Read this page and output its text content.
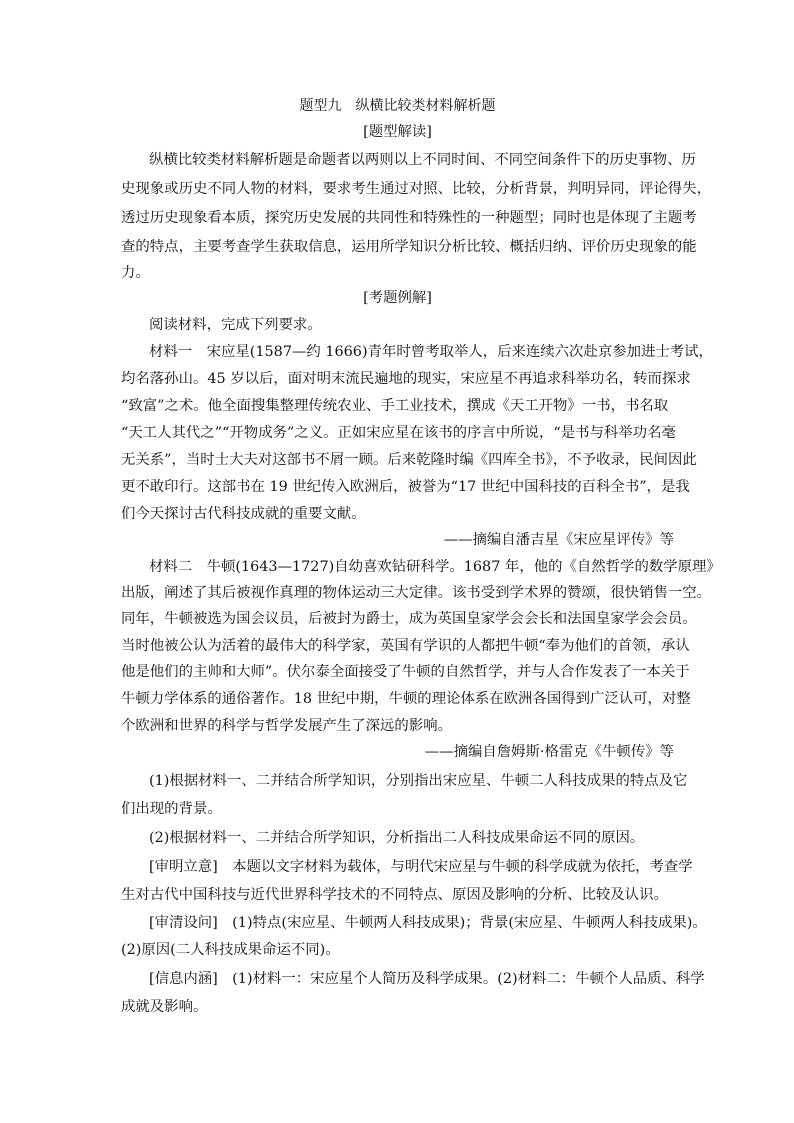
题型九　纵横比较类材料解析题
[题型解读]
纵横比较类材料解析题是命题者以两则以上不同时间、不同空间条件下的历史事物、历
史现象或历史不同人物的材料，要求考生通过对照、比较，分析背景，判明异同，评论得失，
透过历史现象看本质，探究历史发展的共同性和特殊性的一种题型；同时也是体现了主题考
查的特点，主要考查学生获取信息，运用所学知识分析比较、概括归纳、评价历史现象的能
力。
[考题例解]
阅读材料，完成下列要求。
材料一　宋应星(1587—约 1666)青年时曾考取举人，后来连续六次赴京参加进士考试，
均名落孙山。45 岁以后，面对明末流民遍地的现实，宋应星不再追求科举功名，转而探求
“致富”之术。他全面搜集整理传统农业、手工业技术，撰成《天工开物》一书，书名取
“天工人其代之”“开物成务”之义。正如宋应星在该书的序言中所说，“是书与科举功名毫
无关系”，当时士大夫对这部书不屑一顾。后来乾隆时编《四库全书》，不予收录，民间因此
更不敢印行。这部书在 19 世纪传入欧洲后，被誉为“17 世纪中国科技的百科全书”，是我
们今天探讨古代科技成就的重要文献。
——摘编自潘吉星《宋应星评传》等
材料二　牛顿(1643—1727)自幼喜欢钻研科学。1687 年，他的《自然哲学的数学原理》
出版，阐述了其后被视作真理的物体运动三大定律。该书受到学术界的赞颂，很快销售一空。
同年，牛顿被选为国会议员，后被封为爵士，成为英国皇家学会会长和法国皇家学会会员。
当时他被公认为活着的最伟大的科学家，英国有学识的人都把牛顿“奉为他们的首领，承认
他是他们的主帅和大师”。伏尔泰全面接受了牛顿的自然哲学，并与人合作发表了一本关于
牛顿力学体系的通俗著作。18 世纪中期，牛顿的理论体系在欧洲各国得到广泛认可，对整
个欧洲和世界的科学与哲学发展产生了深远的影响。
——摘编自詹姆斯·格雷克《牛顿传》等
(1)根据材料一、二并结合所学知识，分别指出宋应星、牛顿二人科技成果的特点及它
们出现的背景。
(2)根据材料一、二并结合所学知识，分析指出二人科技成果命运不同的原因。
[审明立意]　本题以文字材料为载体，与明代宋应星与牛顿的科学成就为依托，考查学
生对古代中国科技与近代世界科学技术的不同特点、原因及影响的分析、比较及认识。
[审清设问]　(1)特点(宋应星、牛顿两人科技成果)；背景(宋应星、牛顿两人科技成果)。
(2)原因(二人科技成果命运不同)。
[信息内涵]　(1)材料一：宋应星个人简历及科学成果。(2)材料二：牛顿个人品质、科学
成就及影响。
